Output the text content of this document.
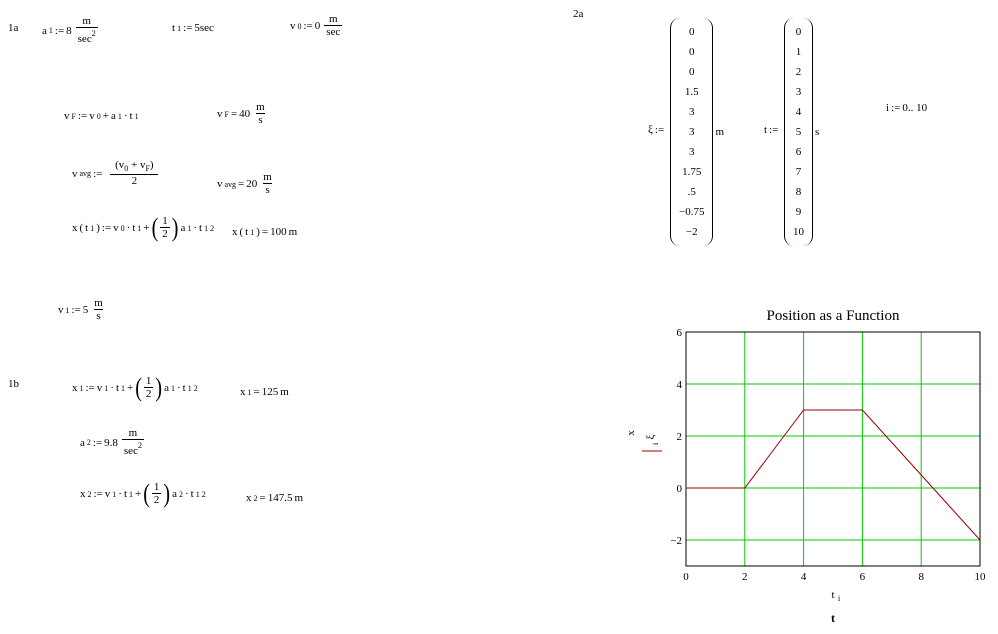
1a
1b
2a
a 1 := $8 \frac{m}{\sec^2}$	t 1 := 5sec	v 0 := $0 \frac{m}{\sec}$
v F := v 0 + a 1 · t 1	v $F = 40 \frac{m}{s}$
v avg := $\frac{(v_0 + v_F)}{2}$	v avg = $20 \frac{m}{s}$
x ( t 1 ) := v 0 · t 1 + ( $\frac{1}{2}$ ) a 1 · t 1 2 x ( t 1 ) = 100 m
v 1 := $5 \frac{m}{s}$
x 1 := v 1 · t 1 + ( $\frac{1}{2}$ ) a 1 · t 1 2	x 1 = 125 m
a 2 := $9.8 \frac{m}{\sec^2}$
x 2 := v 1 · t 1 + ( $\frac{1}{2}$ ) a 2 · t 1 2	x 2 = 147.5 m
ξ :=
0
0
0
1.5
3
3
3
1.75
.5
−0.75
−2
m	t :=
0
1
2
3
4
5
6
7
8
9
10
s
i := 0.. 10
Position as a Function
0	2	4	6	8	10
−2
0
2
4
6
t i
t
x
ξ
i
